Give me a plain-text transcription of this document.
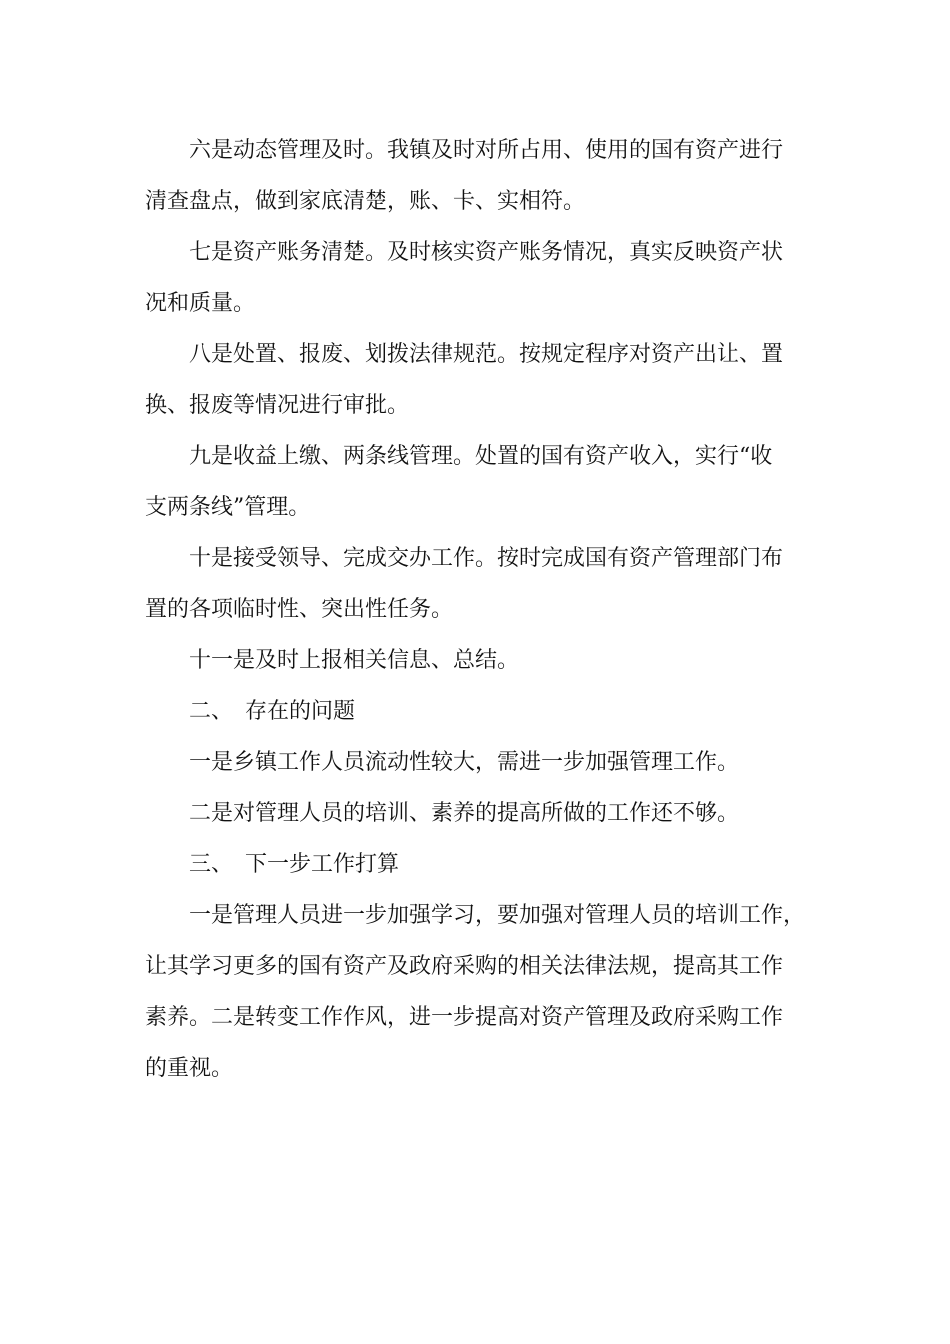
六是动态管理及时。我镇及时对所占用、使用的国有资产进行
清查盘点，做到家底清楚，账、卡、实相符。
七是资产账务清楚。及时核实资产账务情况，真实反映资产状
况和质量。
八是处置、报废、划拨法律规范。按规定程序对资产出让、置
换、报废等情况进行审批。
九是收益上缴、两条线管理。处置的国有资产收入，实行“收
支两条线”管理。
十是接受领导、完成交办工作。按时完成国有资产管理部门布
置的各项临时性、突出性任务。
十一是及时上报相关信息、总结。
二、 存在的问题
一是乡镇工作人员流动性较大，需进一步加强管理工作。
二是对管理人员的培训、素养的提高所做的工作还不够。
三、 下一步工作打算
一是管理人员进一步加强学习，要加强对管理人员的培训工作，
让其学习更多的国有资产及政府采购的相关法律法规，提高其工作
素养。二是转变工作作风，进一步提高对资产管理及政府采购工作
的重视。
